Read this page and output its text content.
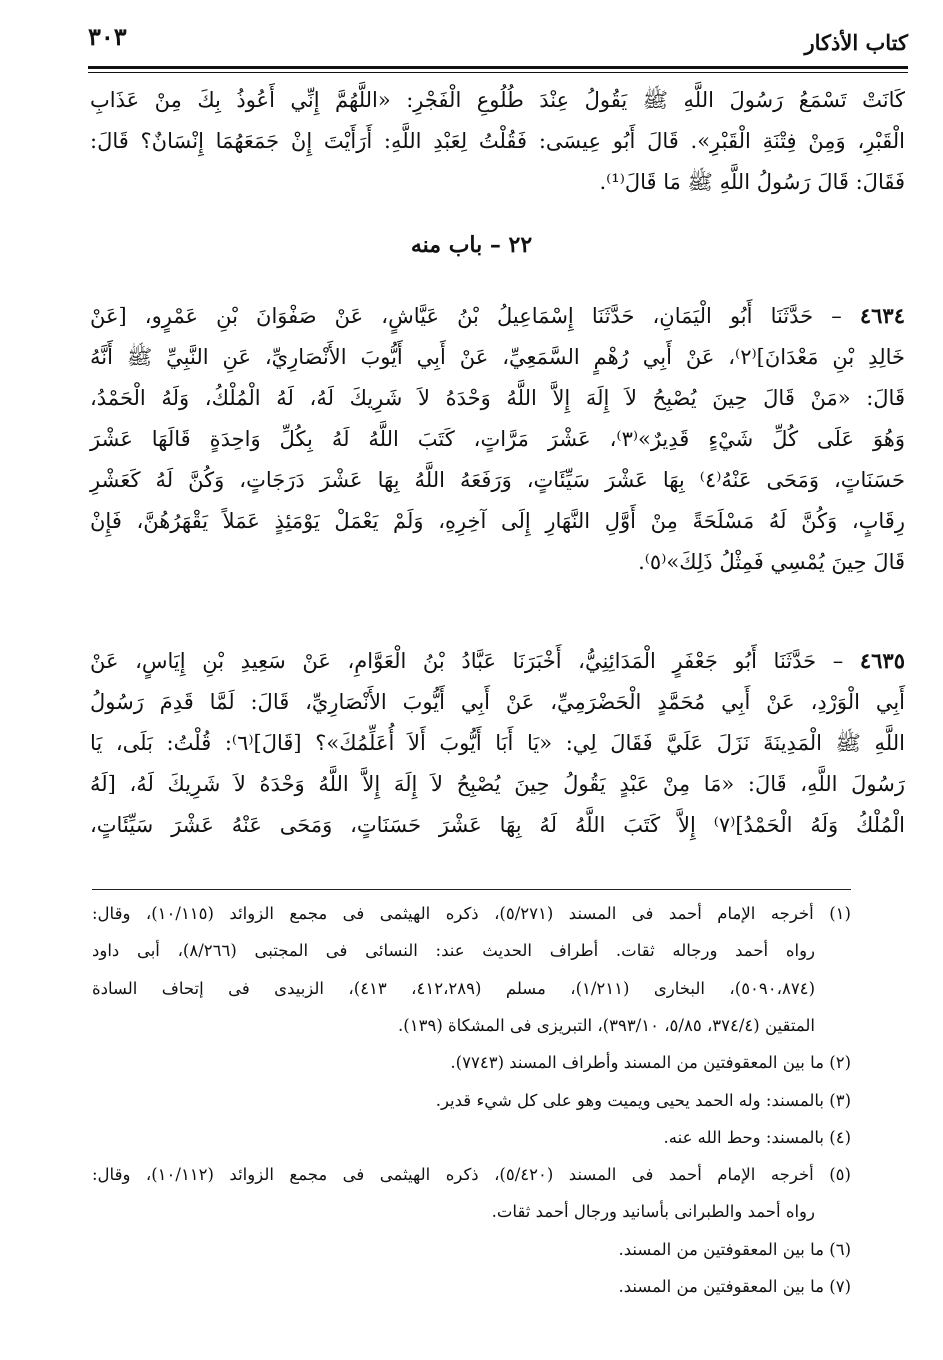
كتاب الأذكار
٣٠٣
كَانَتْ تَسْمَعُ رَسُولَ اللَّهِ ﷺ يَقُولُ عِنْدَ طُلُوعِ الْفَجْرِ: «اللَّهُمَّ إِنِّي أَعُوذُ بِكَ مِنْ عَذَابِ
الْقَبْرِ، وَمِنْ فِتْنَةِ الْقَبْرِ». قَالَ أَبُو عِيسَى: فَقُلْتُ لِعَبْدِ اللَّهِ: أَرَأَيْتَ إِنْ جَمَعَهُمَا إِنْسَانٌ؟ قَالَ:
فَقَالَ: قَالَ رَسُولُ اللَّهِ ﷺ مَا قَالَ⁽¹⁾.
٢٢ – باب منه
٤٦٣٤ – حَدَّثَنَا أَبُو الْيَمَانِ، حَدَّثَنَا إِسْمَاعِيلُ بْنُ عَيَّاشٍ، عَنْ صَفْوَانَ بْنِ عَمْرٍو، [عَنْ
خَالِدِ بْنِ مَعْدَانَ]⁽٢⁾، عَنْ أَبِي رُهْمٍ السَّمَعِيِّ، عَنْ أَبِي أَيُّوبَ الأَنْصَارِيِّ، عَنِ النَّبِيِّ ﷺ أَنَّهُ
قَالَ: «مَنْ قَالَ حِينَ يُصْبِحُ لاَ إِلَهَ إِلاَّ اللَّهُ وَحْدَهُ لاَ شَرِيكَ لَهُ، لَهُ الْمُلْكُ، وَلَهُ الْحَمْدُ،
وَهُوَ عَلَى كُلِّ شَيْءٍ قَدِيرٌ»⁽٣⁾، عَشْرَ مَرَّاتٍ، كَتَبَ اللَّهُ لَهُ بِكُلِّ وَاحِدَةٍ قَالَهَا عَشْرَ
حَسَنَاتٍ، وَمَحَى عَنْهُ⁽٤⁾ بِهَا عَشْرَ سَيِّئَاتٍ، وَرَفَعَهُ اللَّهُ بِهَا عَشْرَ دَرَجَاتٍ، وَكُنَّ لَهُ كَعَشْرِ
رِقَابٍ، وَكُنَّ لَهُ مَسْلَحَةً مِنْ أَوَّلِ النَّهَارِ إِلَى آخِرِهِ، وَلَمْ يَعْمَلْ يَوْمَئِذٍ عَمَلاً يَقْهَرُهُنَّ، فَإِنْ
قَالَ حِينَ يُمْسِي فَمِثْلُ ذَلِكَ»⁽٥⁾.
٤٦٣٥ – حَدَّثَنَا أَبُو جَعْفَرٍ الْمَدَائِنِيُّ، أَخْبَرَنَا عَبَّادُ بْنُ الْعَوَّامِ، عَنْ سَعِيدِ بْنِ إِيَاسٍ، عَنْ
أَبِي الْوَرْدِ، عَنْ أَبِي مُحَمَّدٍ الْحَضْرَمِيِّ، عَنْ أَبِي أَيُّوبَ الأَنْصَارِيِّ، قَالَ: لَمَّا قَدِمَ رَسُولُ
اللَّهِ ﷺ الْمَدِينَةَ نَزَلَ عَلَيَّ فَقَالَ لِي: «يَا أَبَا أَيُّوبَ أَلاَ أُعَلِّمُكَ»؟ [قَالَ]⁽٦⁾: قُلْتُ: بَلَى، يَا
رَسُولَ اللَّهِ، قَالَ: «مَا مِنْ عَبْدٍ يَقُولُ حِينَ يُصْبِحُ لاَ إِلَهَ إِلاَّ اللَّهُ وَحْدَهُ لاَ شَرِيكَ لَهُ، [لَهُ
الْمُلْكُ وَلَهُ الْحَمْدُ]⁽٧⁾ إِلاَّ كَتَبَ اللَّهُ لَهُ بِهَا عَشْرَ حَسَنَاتٍ، وَمَحَى عَنْهُ عَشْرَ سَيِّئَاتٍ،
(١) أخرجه الإمام أحمد فى المسند (٥/٢٧١)، ذكره الهيثمى فى مجمع الزوائد (١٠/١١٥)، وقال:
رواه أحمد ورجاله ثقات. أطراف الحديث عند: النسائى فى المجتبى (٨/٢٦٦)، أبى داود
(٥٠٩٠،٨٧٤)، البخارى (١/٢١١)، مسلم (٤١٢،٢٨٩، ٤١٣)، الزبيدى فى إتحاف السادة
المتقين (٣٧٤/٤، ٥/٨٥، ٣٩٣/١٠)، التبريزى فى المشكاة (١٣٩).
(٢) ما بين المعقوفتين من المسند وأطراف المسند (٧٧٤٣).
(٣) بالمسند: وله الحمد يحيى ويميت وهو على كل شيء قدير.
(٤) بالمسند: وحط الله عنه.
(٥) أخرجه الإمام أحمد فى المسند (٥/٤٢٠)، ذكره الهيثمى فى مجمع الزوائد (١٠/١١٢)، وقال:
رواه أحمد والطبرانى بأسانيد ورجال أحمد ثقات.
(٦) ما بين المعقوفتين من المسند.
(٧) ما بين المعقوفتين من المسند.
